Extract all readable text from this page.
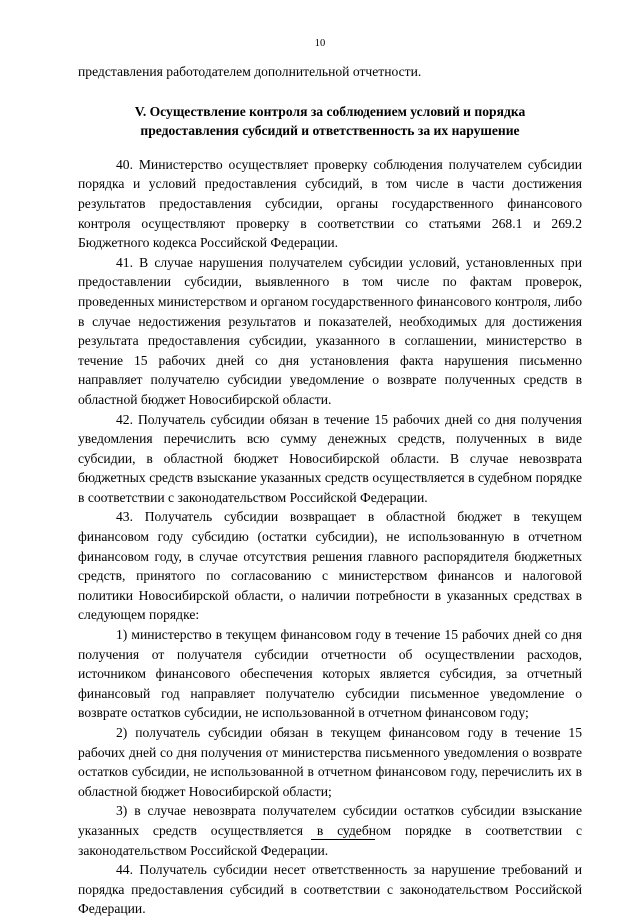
10

представления работодателем дополнительной отчетности.

V. Осуществление контроля за соблюдением условий и порядка
предоставления субсидий и ответственность за их нарушение

40. Министерство осуществляет проверку соблюдения получателем субсидии порядка и условий предоставления субсидий, в том числе в части достижения результатов предоставления субсидии, органы государственного финансового контроля осуществляют проверку в соответствии со статьями 268.1 и 269.2 Бюджетного кодекса Российской Федерации.

41. В случае нарушения получателем субсидии условий, установленных при предоставлении субсидии, выявленного в том числе по фактам проверок, проведенных министерством и органом государственного финансового контроля, либо в случае недостижения результатов и показателей, необходимых для достижения результата предоставления субсидии, указанного в соглашении, министерство в течение 15 рабочих дней со дня установления факта нарушения письменно направляет получателю субсидии уведомление о возврате полученных средств в областной бюджет Новосибирской области.

42. Получатель субсидии обязан в течение 15 рабочих дней со дня получения уведомления перечислить всю сумму денежных средств, полученных в виде субсидии, в областной бюджет Новосибирской области. В случае невозврата бюджетных средств взыскание указанных средств осуществляется в судебном порядке в соответствии с законодательством Российской Федерации.

43. Получатель субсидии возвращает в областной бюджет в текущем финансовом году субсидию (остатки субсидии), не использованную в отчетном финансовом году, в случае отсутствия решения главного распорядителя бюджетных средств, принятого по согласованию с министерством финансов и налоговой политики Новосибирской области, о наличии потребности в указанных средствах в следующем порядке:

1) министерство в текущем финансовом году в течение 15 рабочих дней со дня получения от получателя субсидии отчетности об осуществлении расходов, источником финансового обеспечения которых является субсидия, за отчетный финансовый год направляет получателю субсидии письменное уведомление о возврате остатков субсидии, не использованной в отчетном финансовом году;

2) получатель субсидии обязан в текущем финансовом году в течение 15 рабочих дней со дня получения от министерства письменного уведомления о возврате остатков субсидии, не использованной в отчетном финансовом году, перечислить их в областной бюджет Новосибирской области;

3) в случае невозврата получателем субсидии остатков субсидии взыскание указанных средств осуществляется в судебном порядке в соответствии с законодательством Российской Федерации.

44. Получатель субсидии несет ответственность за нарушение требований и порядка предоставления субсидий в соответствии с законодательством Российской Федерации.
